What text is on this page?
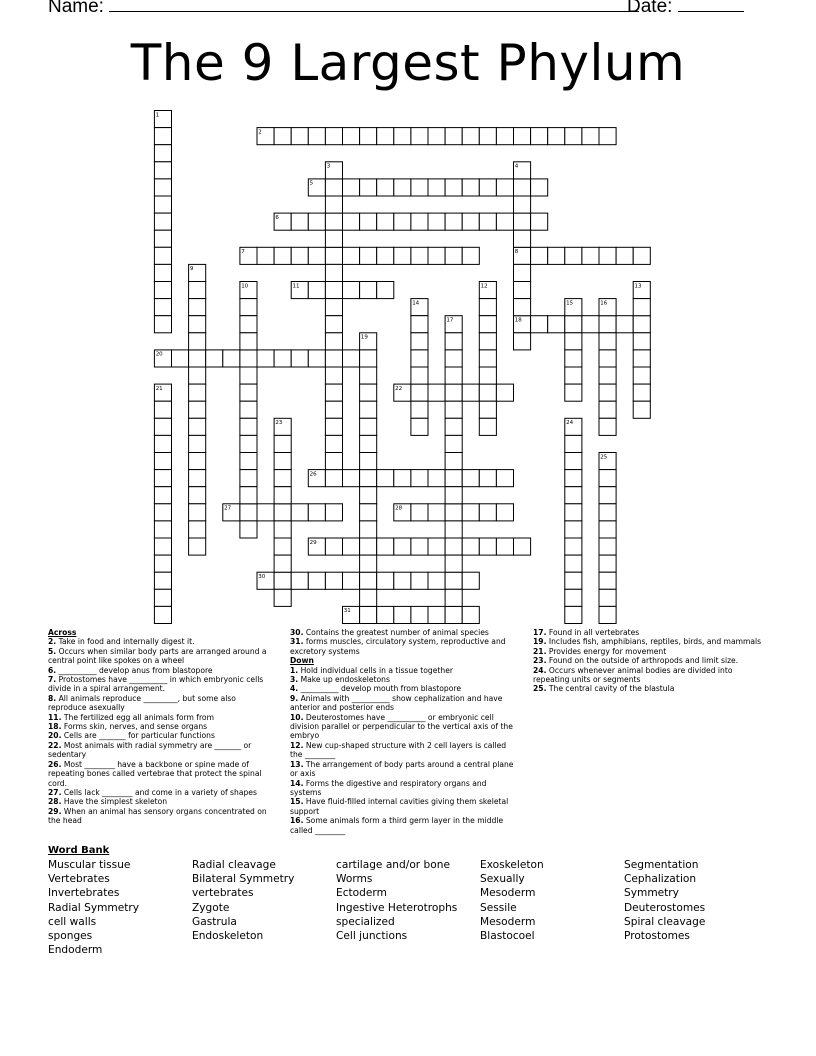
Name:	Date:
The 9 Largest Phylum
2
5
6
7	8
11
18
20
22
26
27	28
29
30
31
1
3	4
9
10	12	13
14	15	16
17
19
21
23	24
25
Across
2. Take in food and internally digest it.
5. Occurs when similar body parts are arranged around a central point like spokes on a wheel
6. __________ develop anus from blastopore
7. Protostomes have __________ in which embryonic cells divide in a spiral arrangement.
8. All animals reproduce _________, but some also reproduce asexually
11. The fertilized egg all animals form from
18. Forms skin, nerves, and sense organs
20. Cells are _______ for particular functions
22. Most animals with radial symmetry are _______ or sedentary
26. Most ________ have a backbone or spine made of repeating bones called vertebrae that protect the spinal cord.
27. Cells lack ________ and come in a variety of shapes
28. Have the simplest skeleton
29. When an animal has sensory organs concentrated on the head
30. Contains the greatest number of animal species
31. forms muscles, circulatory system, reproductive and excretory systems
Down
1. Hold individual cells in a tissue together
3. Make up endoskeletons
4. __________ develop mouth from blastopore
9. Animals with __________ show cephalization and have anterior and posterior ends
10. Deuterostomes have __________ or embryonic cell division parallel or perpendicular to the vertical axis of the embryo
12. New cup-shaped structure with 2 cell layers is called the ________
13. The arrangement of body parts around a central plane or axis
14. Forms the digestive and respiratory organs and systems
15. Have fluid-filled internal cavities giving them skeletal support
16. Some animals form a third germ layer in the middle called ________
17. Found in all vertebrates
19. Includes fish, amphibians, reptiles, birds, and mammals
21. Provides energy for movement
23. Found on the outside of arthropods and limit size.
24. Occurs whenever animal bodies are divided into repeating units or segments
25. The central cavity of the blastula
Word Bank
Muscular tissue
Vertebrates
Invertebrates
Radial Symmetry
cell walls
sponges
Endoderm
Radial cleavage
Bilateral Symmetry
vertebrates
Zygote
Gastrula
Endoskeleton
cartilage and/or bone
Worms
Ectoderm
Ingestive Heterotrophs
specialized
Cell junctions
Exoskeleton
Sexually
Mesoderm
Sessile
Mesoderm
Blastocoel
Segmentation
Cephalization
Symmetry
Deuterostomes
Spiral cleavage
Protostomes
